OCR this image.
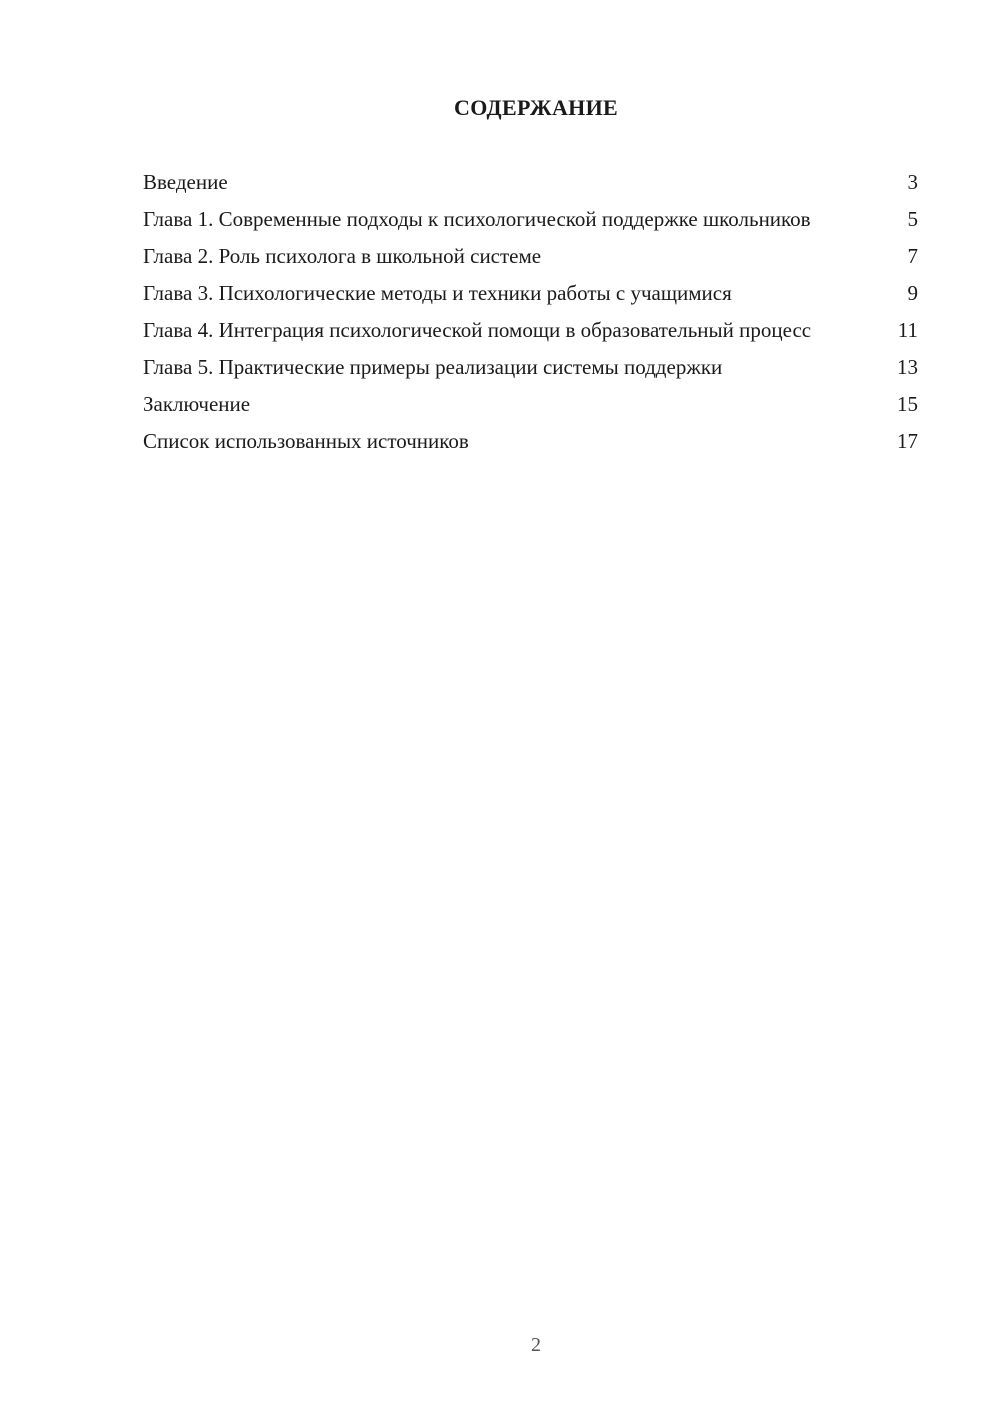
СОДЕРЖАНИЕ
Введение	3
Глава 1. Современные подходы к психологической поддержке школьников	5
Глава 2. Роль психолога в школьной системе	7
Глава 3. Психологические методы и техники работы с учащимися	9
Глава 4. Интеграция психологической помощи в образовательный процесс	11
Глава 5. Практические примеры реализации системы поддержки	13
Заключение	15
Список использованных источников	17
2
